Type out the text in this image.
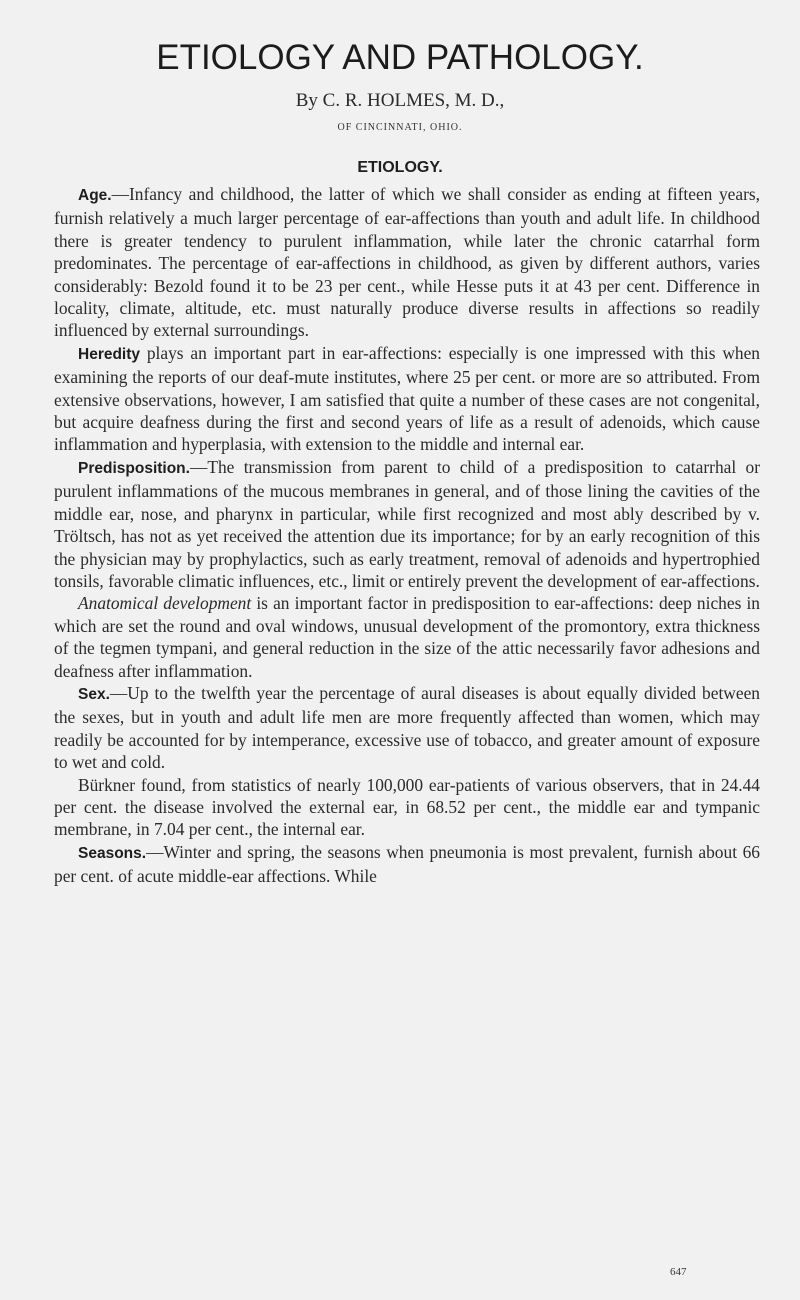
ETIOLOGY AND PATHOLOGY.
By C. R. HOLMES, M. D.,
OF CINCINNATI, OHIO.
ETIOLOGY.

Age.—Infancy and childhood, the latter of which we shall consider as ending at fifteen years, furnish relatively a much larger percentage of ear-affections than youth and adult life. In childhood there is greater tendency to purulent inflammation, while later the chronic catarrhal form predominates. The percentage of ear-affections in childhood, as given by different authors, varies considerably: Bezold found it to be 23 per cent., while Hesse puts it at 43 per cent. Difference in locality, climate, altitude, etc. must naturally produce diverse results in affections so readily influenced by external surroundings.

Heredity plays an important part in ear-affections: especially is one impressed with this when examining the reports of our deaf-mute institutes, where 25 per cent. or more are so attributed. From extensive observations, however, I am satisfied that quite a number of these cases are not congenital, but acquire deafness during the first and second years of life as a result of adenoids, which cause inflammation and hyperplasia, with extension to the middle and internal ear.

Predisposition.—The transmission from parent to child of a predisposition to catarrhal or purulent inflammations of the mucous membranes in general, and of those lining the cavities of the middle ear, nose, and pharynx in particular, while first recognized and most ably described by v. Tröltsch, has not as yet received the attention due its importance; for by an early recognition of this the physician may by prophylactics, such as early treatment, removal of adenoids and hypertrophied tonsils, favorable climatic influences, etc., limit or entirely prevent the development of ear-affections.

Anatomical development is an important factor in predisposition to ear-affections: deep niches in which are set the round and oval windows, unusual development of the promontory, extra thickness of the tegmen tympani, and general reduction in the size of the attic necessarily favor adhesions and deafness after inflammation.

Sex.—Up to the twelfth year the percentage of aural diseases is about equally divided between the sexes, but in youth and adult life men are more frequently affected than women, which may readily be accounted for by intemperance, excessive use of tobacco, and greater amount of exposure to wet and cold.

Bürkner found, from statistics of nearly 100,000 ear-patients of various observers, that in 24.44 per cent. the disease involved the external ear, in 68.52 per cent., the middle ear and tympanic membrane, in 7.04 per cent., the internal ear.

Seasons.—Winter and spring, the seasons when pneumonia is most prevalent, furnish about 66 per cent. of acute middle-ear affections. While

647
